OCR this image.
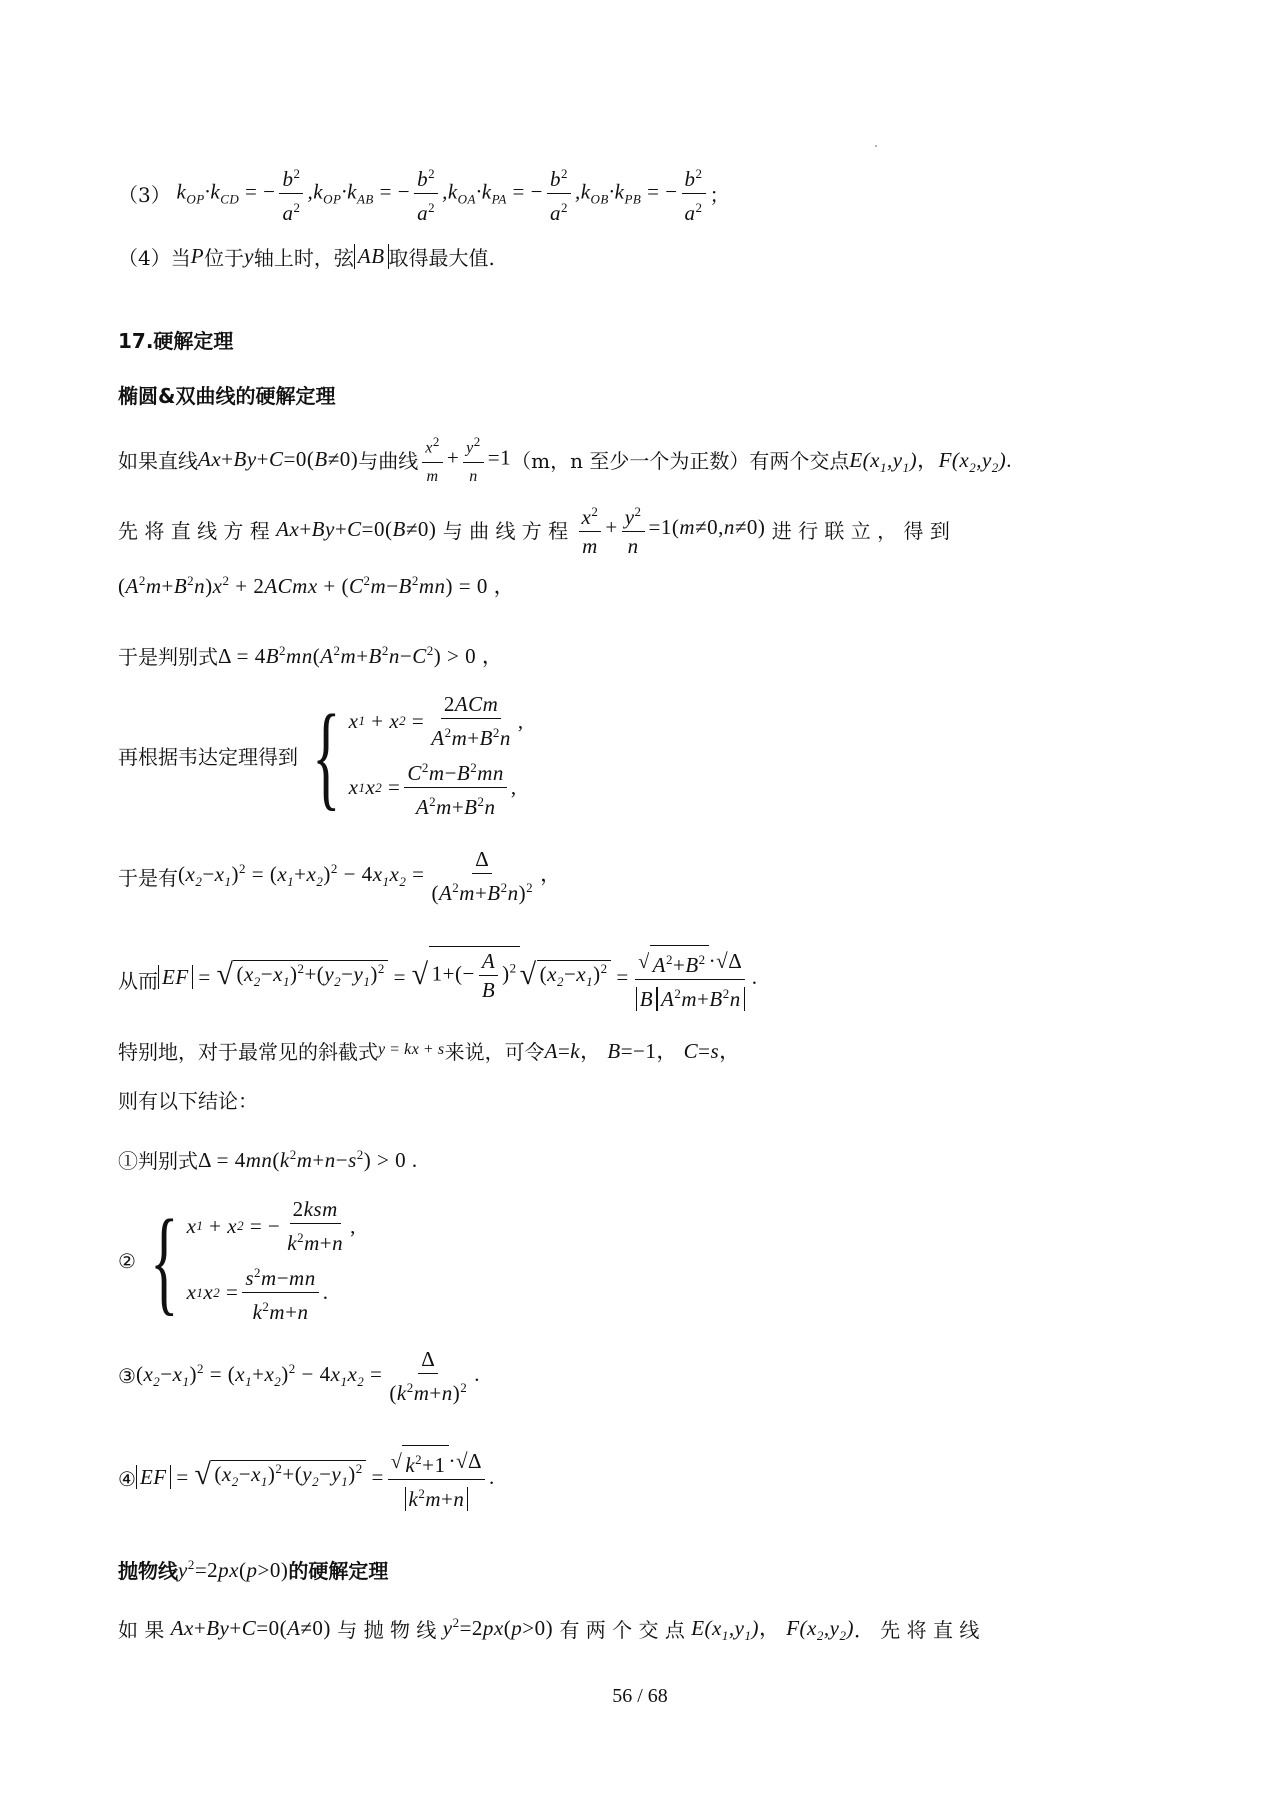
（3） $k_{OP}\cdot k_{CD}$ = − $\frac{b^2}{a^2} ,k_{OP}\cdot k_{AB}$ = − $\frac{b^2}{a^2} ,k_{OA}\cdot k_{PA}$ = − $\frac{b^2}{a^2} ,k_{OB}\cdot k_{PB}$ = − $\frac{b^2}{a^2}$ ；
（4）当 P 位于 y 轴上时，弦 AB 取得最大值.
17.硬解定理
椭圆&双曲线的硬解定理
如果直线 Ax+By+C=0(B≠0) 与曲线 $\frac{x^2}{m} + \frac{y^2}{n} =1$ （m，n 至少一个为正数）有两个交点 $E(x_1,y_1)$，$F(x_2,y_2)$.
先 将 直 线 方 程
Ax+By+C=0(B≠0)
与 曲 线 方 程
$\frac{x^2}{m} + \frac{y^2}{n} =1(m\ne 0,n\ne 0)$
进 行 联 立 ， 得 到
$(A^2m+B^2n)x^2$ + 2ACmx + $(C^2m-B^2mn) = 0$ ，
于是判别式 $\Delta = 4B^2mn(A^2m+B^2n-C^2) > 0$ ，
再根据韦达定理得到 { x 1 + x $2 = \frac{\text{2ACm}}{A^2m+B^2n}$ ,
x 1 x $2 = \frac{C^2m-B^2mn}{A^2m+B^2n}$ ,
于是有 $(x_2-x_1)^2 = (x_1+x_2)^2 - 4x_1x_2 = \frac{\Delta}{(A^2m+B^2n)^2}$ ，
从而 EF = √ $(x_2-x_1)^2+(y_2-y_1)^2$ = √ $1+(- \frac{A}{B} )^2$ √ $(x_2-x_1)^2 = \frac{√ A^2+B^2 \cdot√\Delta}{B A^2m+B^2n}$ .
特别地，对于最常见的斜截式 y = kx + s 来说，可令 A=k， B=−1， C=s，
则有以下结论：
①判别式 $\Delta = 4mn(k^2m+n-s^2) > 0$ .
② { x 1 + x 2 = − $\frac{\text{2ksm}}{k^2m+n}$ ,
x 1 x $2 = \frac{s^2m-mn}{k^2m+n}$ .
③ $(x_2-x_1)^2 = (x_1+x_2)^2 - 4x_1x_2 = \frac{\Delta}{(k^2m+n)^2}$ .
④ EF = √ $(x_2-x_1)^2+(y_2-y_1)^2 = \frac{√ k^2+1 \cdot√\Delta}{k^2m+n}$ .
抛物线 $y^2=2px(p>0)$ 的硬解定理
如 果
Ax+By+C=0(A≠0)
与 抛 物 线
$y^2=2px(p>0)$
有 两 个 交 点
$E(x_1,y_1)$， $F(x_2,y_2)$ ． 先 将 直 线
56 / 68
